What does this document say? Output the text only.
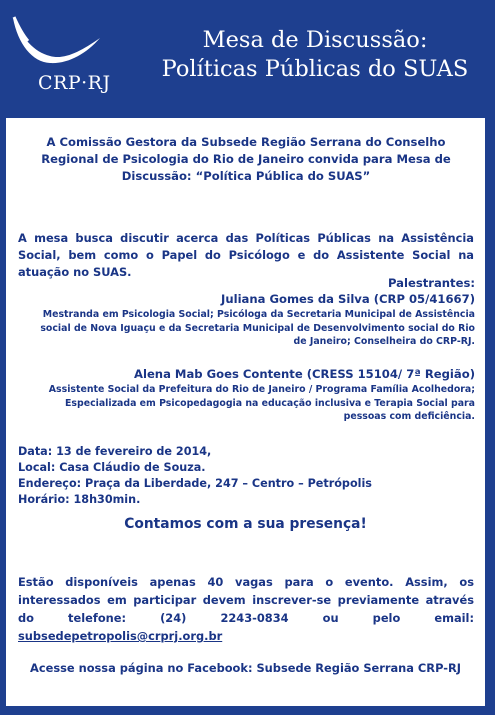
CRP·RJ
Mesa de Discussão:
Políticas Públicas do SUAS
A Comissão Gestora da Subsede Região Serrana do Conselho Regional de Psicologia do Rio de Janeiro convida para Mesa de Discussão: “Política Pública do SUAS”
A mesa busca discutir acerca das Políticas Públicas na Assistência Social, bem como o Papel do Psicólogo e do Assistente Social na atuação no SUAS.
Palestrantes:
Juliana Gomes da Silva (CRP 05/41667)
Mestranda em Psicologia Social; Psicóloga da Secretaria Municipal de Assistência social de Nova Iguaçu e da Secretaria Municipal de Desenvolvimento social do Rio de Janeiro; Conselheira do CRP-RJ.
Alena Mab Goes Contente (CRESS 15104/ 7ª Região)
Assistente Social da Prefeitura do Rio de Janeiro / Programa Família Acolhedora; Especializada em Psicopedagogia na educação inclusiva e Terapia Social para pessoas com deficiência.
Data: 13 de fevereiro de 2014,
Local: Casa Cláudio de Souza.
Endereço: Praça da Liberdade, 247 – Centro – Petrópolis
Horário: 18h30min.
Contamos com a sua presença!
Estão disponíveis apenas 40 vagas para o evento. Assim, os interessados em participar devem inscrever-se previamente através do telefone: (24) 2243-0834 ou pelo email: subsedepetropolis@crprj.org.br
Acesse nossa página no Facebook: Subsede Região Serrana CRP-RJ
